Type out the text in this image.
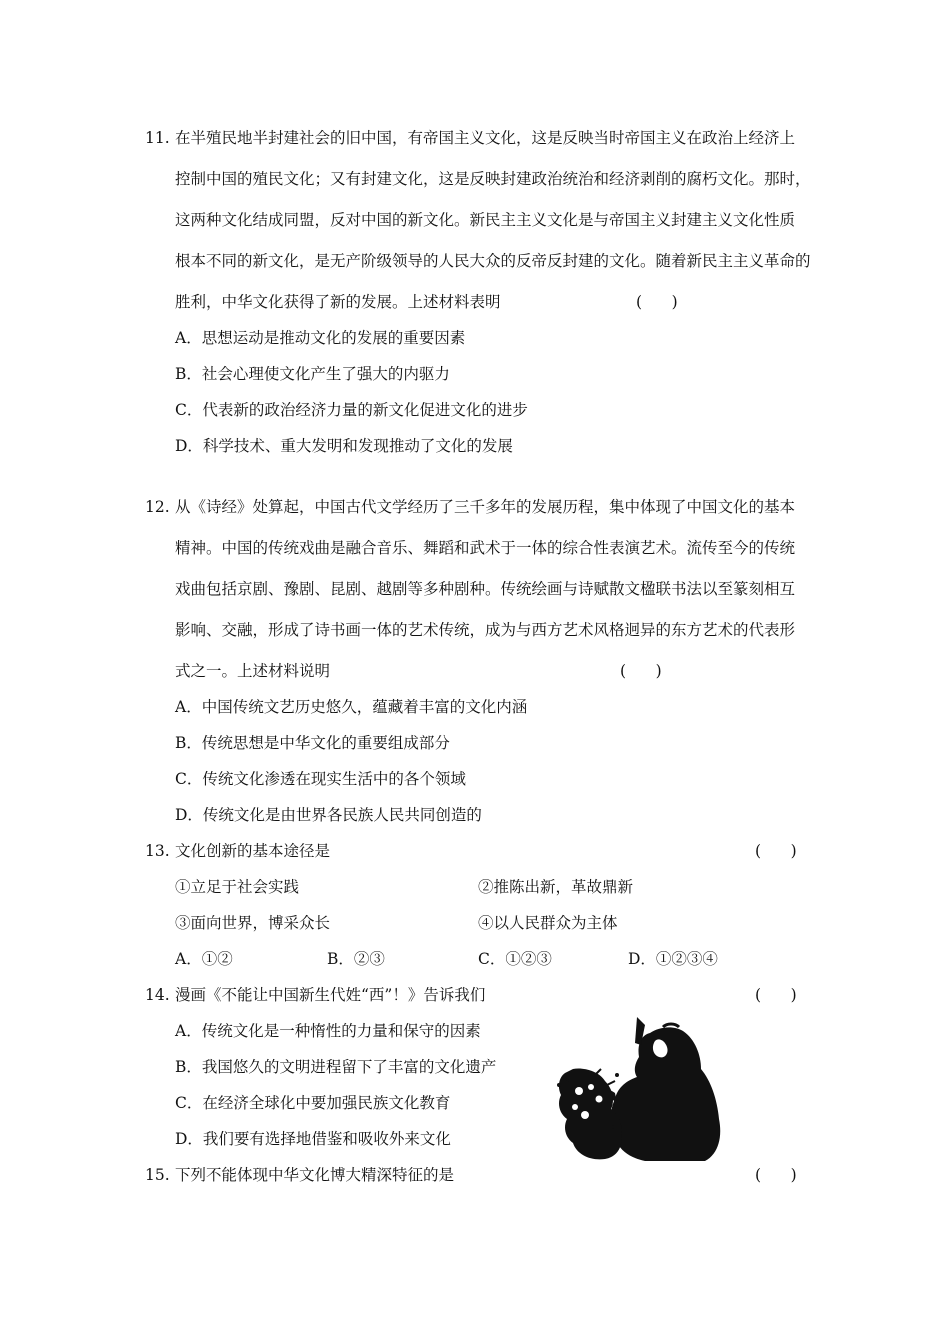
11. 在半殖民地半封建社会的旧中国，有帝国主义文化，这是反映当时帝国主义在政治上经济上
控制中国的殖民文化；又有封建文化，这是反映封建政治统治和经济剥削的腐朽文化。那时，
这两种文化结成同盟，反对中国的新文化。新民主主义文化是与帝国主义封建主义文化性质
根本不同的新文化，是无产阶级领导的人民大众的反帝反封建的文化。随着新民主主义革命的
胜利，中华文化获得了新的发展。上述材料表明	(      )
A．思想运动是推动文化的发展的重要因素
B．社会心理使文化产生了强大的内驱力
C．代表新的政治经济力量的新文化促进文化的进步
D．科学技术、重大发明和发现推动了文化的发展
12. 从《诗经》处算起，中国古代文学经历了三千多年的发展历程，集中体现了中国文化的基本
精神。中国的传统戏曲是融合音乐、舞蹈和武术于一体的综合性表演艺术。流传至今的传统
戏曲包括京剧、豫剧、昆剧、越剧等多种剧种。传统绘画与诗赋散文楹联书法以至篆刻相互
影响、交融，形成了诗书画一体的艺术传统，成为与西方艺术风格迥异的东方艺术的代表形
式之一。上述材料说明	(      )
A．中国传统文艺历史悠久，蕴藏着丰富的文化内涵
B．传统思想是中华文化的重要组成部分
C．传统文化渗透在现实生活中的各个领域
D．传统文化是由世界各民族人民共同创造的
13. 文化创新的基本途径是	(      )
①立足于社会实践	②推陈出新，革故鼎新
③面向世界，博采众长	④以人民群众为主体
A．①②	B．②③	C．①②③	D．①②③④
14. 漫画《不能让中国新生代姓“西”！》告诉我们	(      )
A．传统文化是一种惰性的力量和保守的因素
B．我国悠久的文明进程留下了丰富的文化遗产
C．在经济全球化中要加强民族文化教育
D．我们要有选择地借鉴和吸收外来文化
15. 下列不能体现中华文化博大精深特征的是	(      )
